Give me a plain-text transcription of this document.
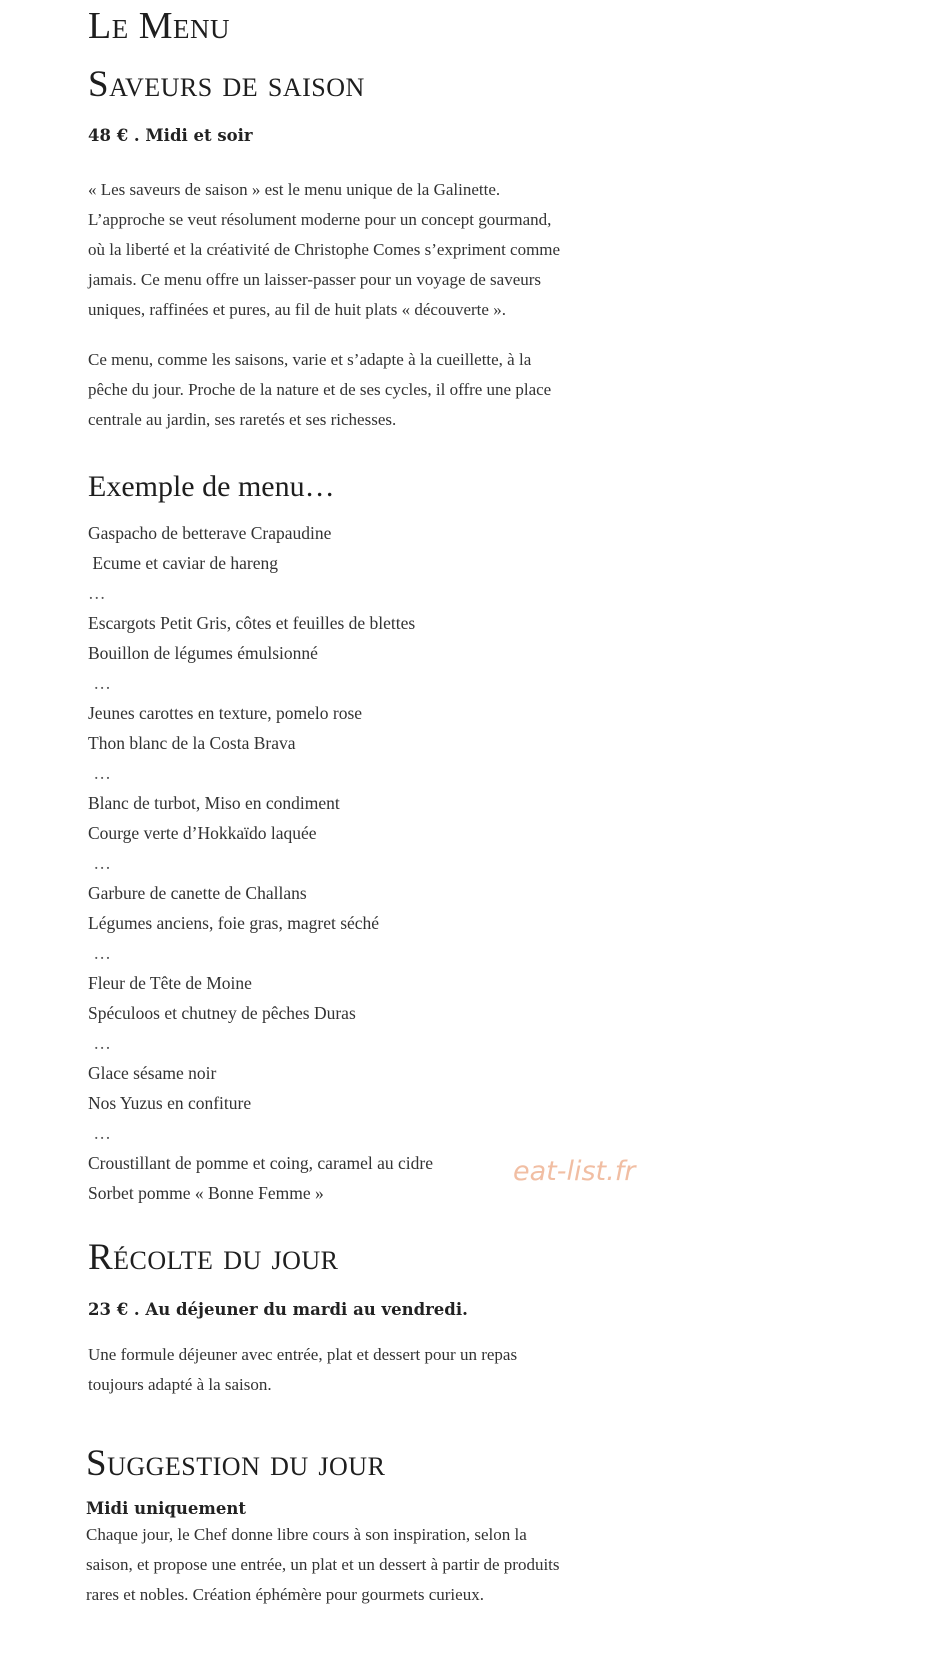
Le Menu
Saveurs de saison

48 € . Midi et soir

« Les saveurs de saison » est le menu unique de la Galinette.
L’approche se veut résolument moderne pour un concept gourmand,
où la liberté et la créativité de Christophe Comes s’expriment comme
jamais. Ce menu offre un laisser-passer pour un voyage de saveurs
uniques, raffinées et pures, au fil de huit plats « découverte ».

Ce menu, comme les saisons, varie et s’adapte à la cueillette, à la
pêche du jour. Proche de la nature et de ses cycles, il offre une place
centrale au jardin, ses raretés et ses richesses.

Exemple de menu…
Gaspacho de betterave Crapaudine
Ecume et caviar de hareng
…
Escargots Petit Gris, côtes et feuilles de blettes
Bouillon de légumes émulsionné
…
Jeunes carottes en texture, pomelo rose
Thon blanc de la Costa Brava
…
Blanc de turbot, Miso en condiment
Courge verte d’Hokkaïdo laquée
…
Garbure de canette de Challans
Légumes anciens, foie gras, magret séché
…
Fleur de Tête de Moine
Spéculoos et chutney de pêches Duras
…
Glace sésame noir
Nos Yuzus en confiture
…
Croustillant de pomme et coing, caramel au cidre
Sorbet pomme « Bonne Femme »
Récolte du jour

23 € . Au déjeuner du mardi au vendredi.

Une formule déjeuner avec entrée, plat et dessert pour un repas
toujours adapté à la saison.

Suggestion du jour

Midi uniquement

Chaque jour, le Chef donne libre cours à son inspiration, selon la
saison, et propose une entrée, un plat et un dessert à partir de produits
rares et nobles. Création éphémère pour gourmets curieux.

eat-list.fr
